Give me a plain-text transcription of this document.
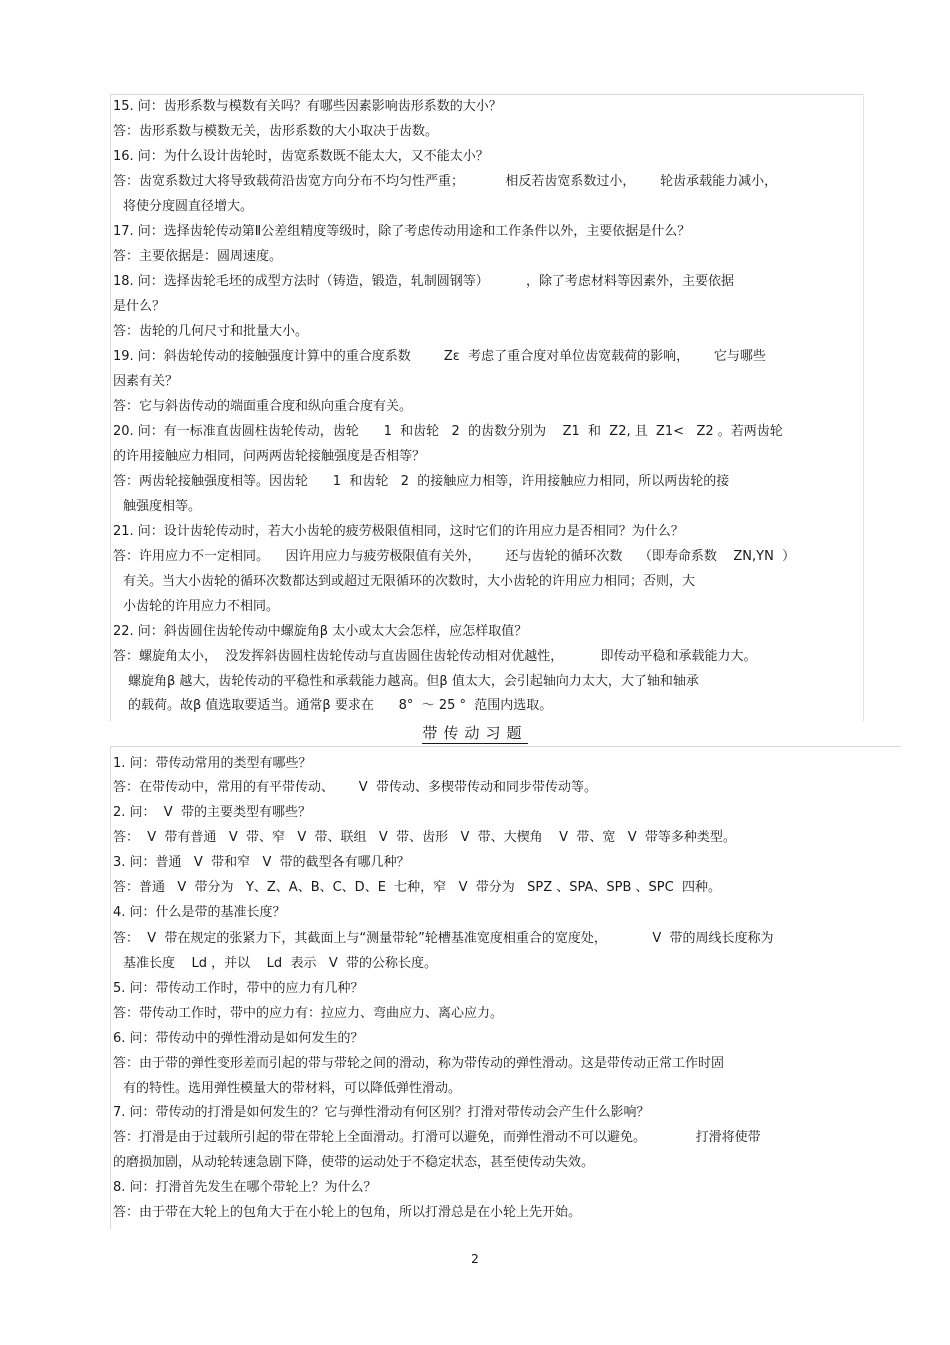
15. 问：齿形系数与模数有关吗？有哪些因素影响齿形系数的大小？
答：齿形系数与模数无关，齿形系数的大小取决于齿数。
16. 问：为什么设计齿轮时，齿宽系数既不能太大，又不能太小？
答：齿宽系数过大将导致载荷沿齿宽方向分布不均匀性严重；          相反若齿宽系数过小，      轮齿承载能力减小，
将使分度圆直径增大。
17. 问：选择齿轮传动第Ⅱ公差组精度等级时，除了考虑传动用途和工作条件以外，主要依据是什么？
答：主要依据是：圆周速度。
18. 问：选择齿轮毛坯的成型方法时（铸造，锻造，轧制圆钢等）         ，除了考虑材料等因素外，主要依据
是什么？
答：齿轮的几何尺寸和批量大小。
19. 问：斜齿轮传动的接触强度计算中的重合度系数        Zε  考虑了重合度对单位齿宽载荷的影响，      它与哪些
因素有关？
答：它与斜齿传动的端面重合度和纵向重合度有关。
20. 问：有一标准直齿圆柱齿轮传动，齿轮      1  和齿轮   2  的齿数分别为    Z1  和  Z2, 且  Z1<   Z2 。若两齿轮
的许用接触应力相同，问两两齿轮接触强度是否相等？
答：两齿轮接触强度相等。因齿轮      1  和齿轮   2  的接触应力相等，许用接触应力相同，所以两齿轮的接
触强度相等。
21. 问：设计齿轮传动时，若大小齿轮的疲劳极限值相同，这时它们的许用应力是否相同？为什么？
答：许用应力不一定相同。    因许用应力与疲劳极限值有关外，      还与齿轮的循环次数    （即寿命系数    ZN,YN  ）
有关。当大小齿轮的循环次数都达到或超过无限循环的次数时，大小齿轮的许用应力相同；否则，大
小齿轮的许用应力不相同。
22. 问：斜齿圆住齿轮传动中螺旋角β 太小或太大会怎样，应怎样取值？
答：螺旋角太小，  没发挥斜齿圆柱齿轮传动与直齿圆住齿轮传动相对优越性，         即传动平稳和承载能力大。
螺旋角β 越大，齿轮传动的平稳性和承载能力越高。但β 值太大，会引起轴向力太大，大了轴和轴承
的载荷。故β 值选取要适当。通常β 要求在      8°  ～ 25 °  范围内选取。
带传动习题
1. 问：带传动常用的类型有哪些？
答：在带传动中，常用的有平带传动、      V  带传动、多楔带传动和同步带传动等。
2. 问：  V  带的主要类型有哪些？
答：  V  带有普通   V  带、窄   V  带、联组   V  带、齿形   V  带、大楔角    V  带、宽   V  带等多种类型。
3. 问：普通   V  带和窄   V  带的截型各有哪几种？
答：普通   V  带分为   Y、Z、A、B、C、D、E  七种，窄   V  带分为   SPZ 、SPA、SPB 、SPC  四种。
4. 问：什么是带的基准长度？
答：  V  带在规定的张紧力下，其截面上与“测量带轮”轮槽基准宽度相重合的宽度处，           V  带的周线长度称为
基准长度    Ld ，并以    Ld  表示   V  带的公称长度。
5. 问：带传动工作时，带中的应力有几种？
答：带传动工作时，带中的应力有：拉应力、弯曲应力、离心应力。
6. 问：带传动中的弹性滑动是如何发生的？
答：由于带的弹性变形差而引起的带与带轮之间的滑动，称为带传动的弹性滑动。这是带传动正常工作时固
有的特性。选用弹性模量大的带材料，可以降低弹性滑动。
7. 问：带传动的打滑是如何发生的？它与弹性滑动有何区别？打滑对带传动会产生什么影响？
答：打滑是由于过载所引起的带在带轮上全面滑动。打滑可以避免，而弹性滑动不可以避免。            打滑将使带
的磨损加剧，从动轮转速急剧下降，使带的运动处于不稳定状态，甚至使传动失效。
8. 问：打滑首先发生在哪个带轮上？为什么？
答：由于带在大轮上的包角大于在小轮上的包角，所以打滑总是在小轮上先开始。
2
